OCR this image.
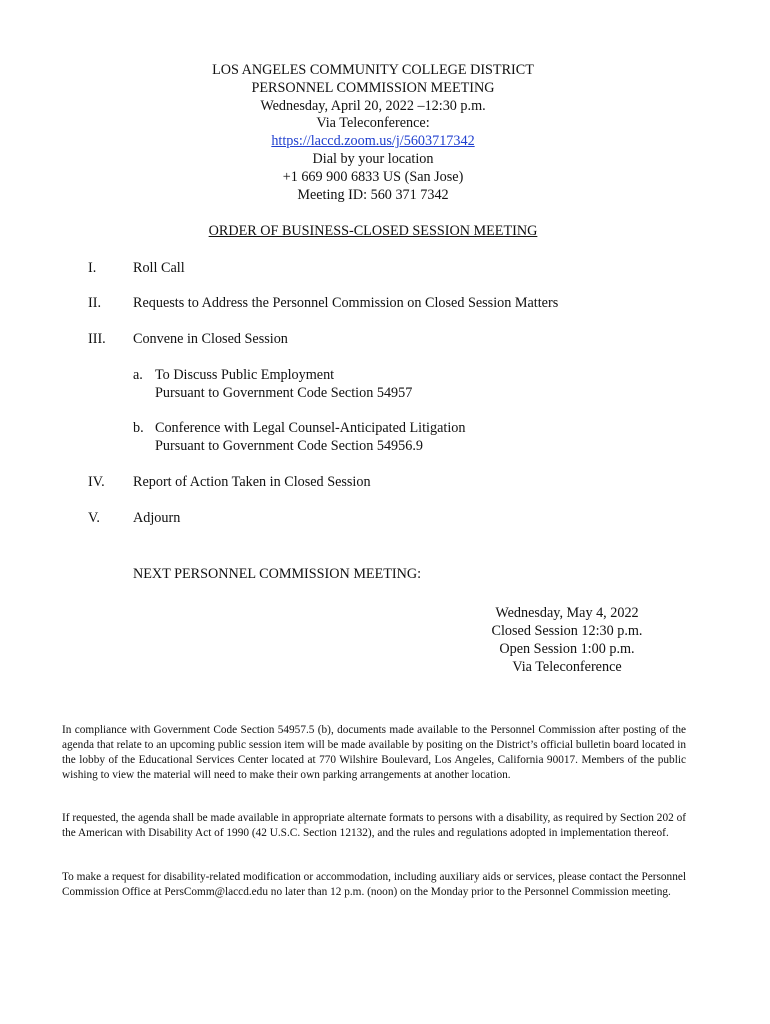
LOS ANGELES COMMUNITY COLLEGE DISTRICT
PERSONNEL COMMISSION MEETING
Wednesday, April 20, 2022 –12:30 p.m.
Via Teleconference:
https://laccd.zoom.us/j/5603717342
Dial by your location
+1 669 900 6833 US (San Jose)
Meeting ID: 560 371 7342
ORDER OF BUSINESS-CLOSED SESSION MEETING
I.	Roll Call
II. Requests to Address the Personnel Commission on Closed Session Matters
III. Convene in Closed Session
a. To Discuss Public Employment
Pursuant to Government Code Section 54957
b. Conference with Legal Counsel-Anticipated Litigation
Pursuant to Government Code Section 54956.9
IV. Report of Action Taken in Closed Session
V. Adjourn
NEXT PERSONNEL COMMISSION MEETING:
Wednesday, May 4, 2022
Closed Session 12:30 p.m.
Open Session 1:00 p.m.
Via Teleconference

In compliance with Government Code Section 54957.5 (b), documents made available to the Personnel Commission after posting of the agenda that relate to an upcoming public session item will be made available by positing on the District’s official bulletin board located in the lobby of the Educational Services Center located at 770 Wilshire Boulevard, Los Angeles, California 90017. Members of the public wishing to view the material will need to make their own parking arrangements at another location.

If requested, the agenda shall be made available in appropriate alternate formats to persons with a disability, as required by Section 202 of the American with Disability Act of 1990 (42 U.S.C. Section 12132), and the rules and regulations adopted in implementation thereof.

To make a request for disability-related modification or accommodation, including auxiliary aids or services, please contact the Personnel Commission Office at PersComm@laccd.edu no later than 12 p.m. (noon) on the Monday prior to the Personnel Commission meeting.
